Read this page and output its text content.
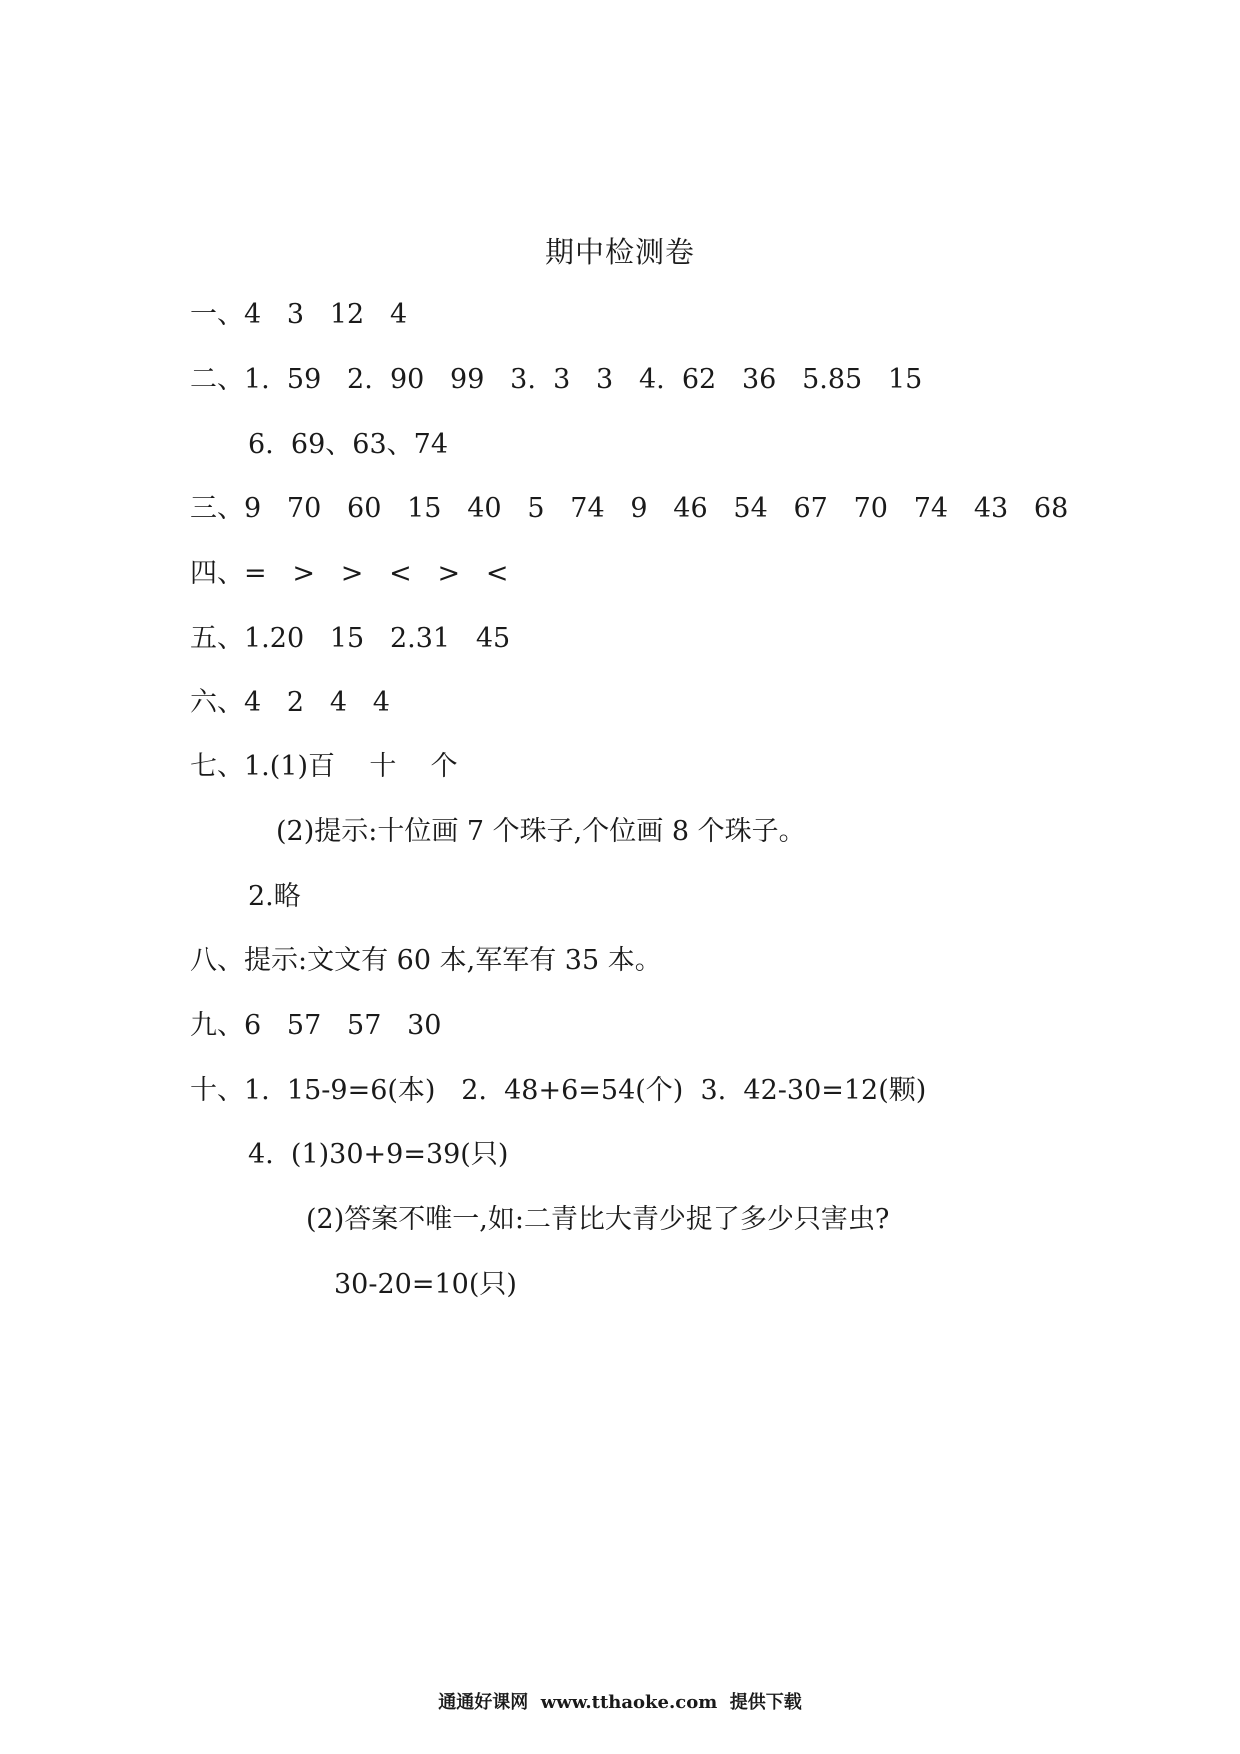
期中检测卷
一、4   3   12   4
二、1.  59   2.  90   99   3.  3   3   4.  62   36   5.85   15
6.  69、63、74
三、9   70   60   15   40   5   74   9   46   54   67   70   74   43   68
四、=   >   >   <   >   <
五、1.20   15   2.31   45
六、4   2   4   4
七、1.(1)百    十    个
(2)提示:十位画 7 个珠子,个位画 8 个珠子。
2.略
八、提示:文文有 60 本,军军有 35 本。
九、6   57   57   30
十、1.  15-9=6(本)   2.  48+6=54(个)  3.  42-30=12(颗)
4.  (1)30+9=39(只)
(2)答案不唯一,如:二青比大青少捉了多少只害虫?
30-20=10(只)
通通好课网  www.tthaoke.com  提供下载
